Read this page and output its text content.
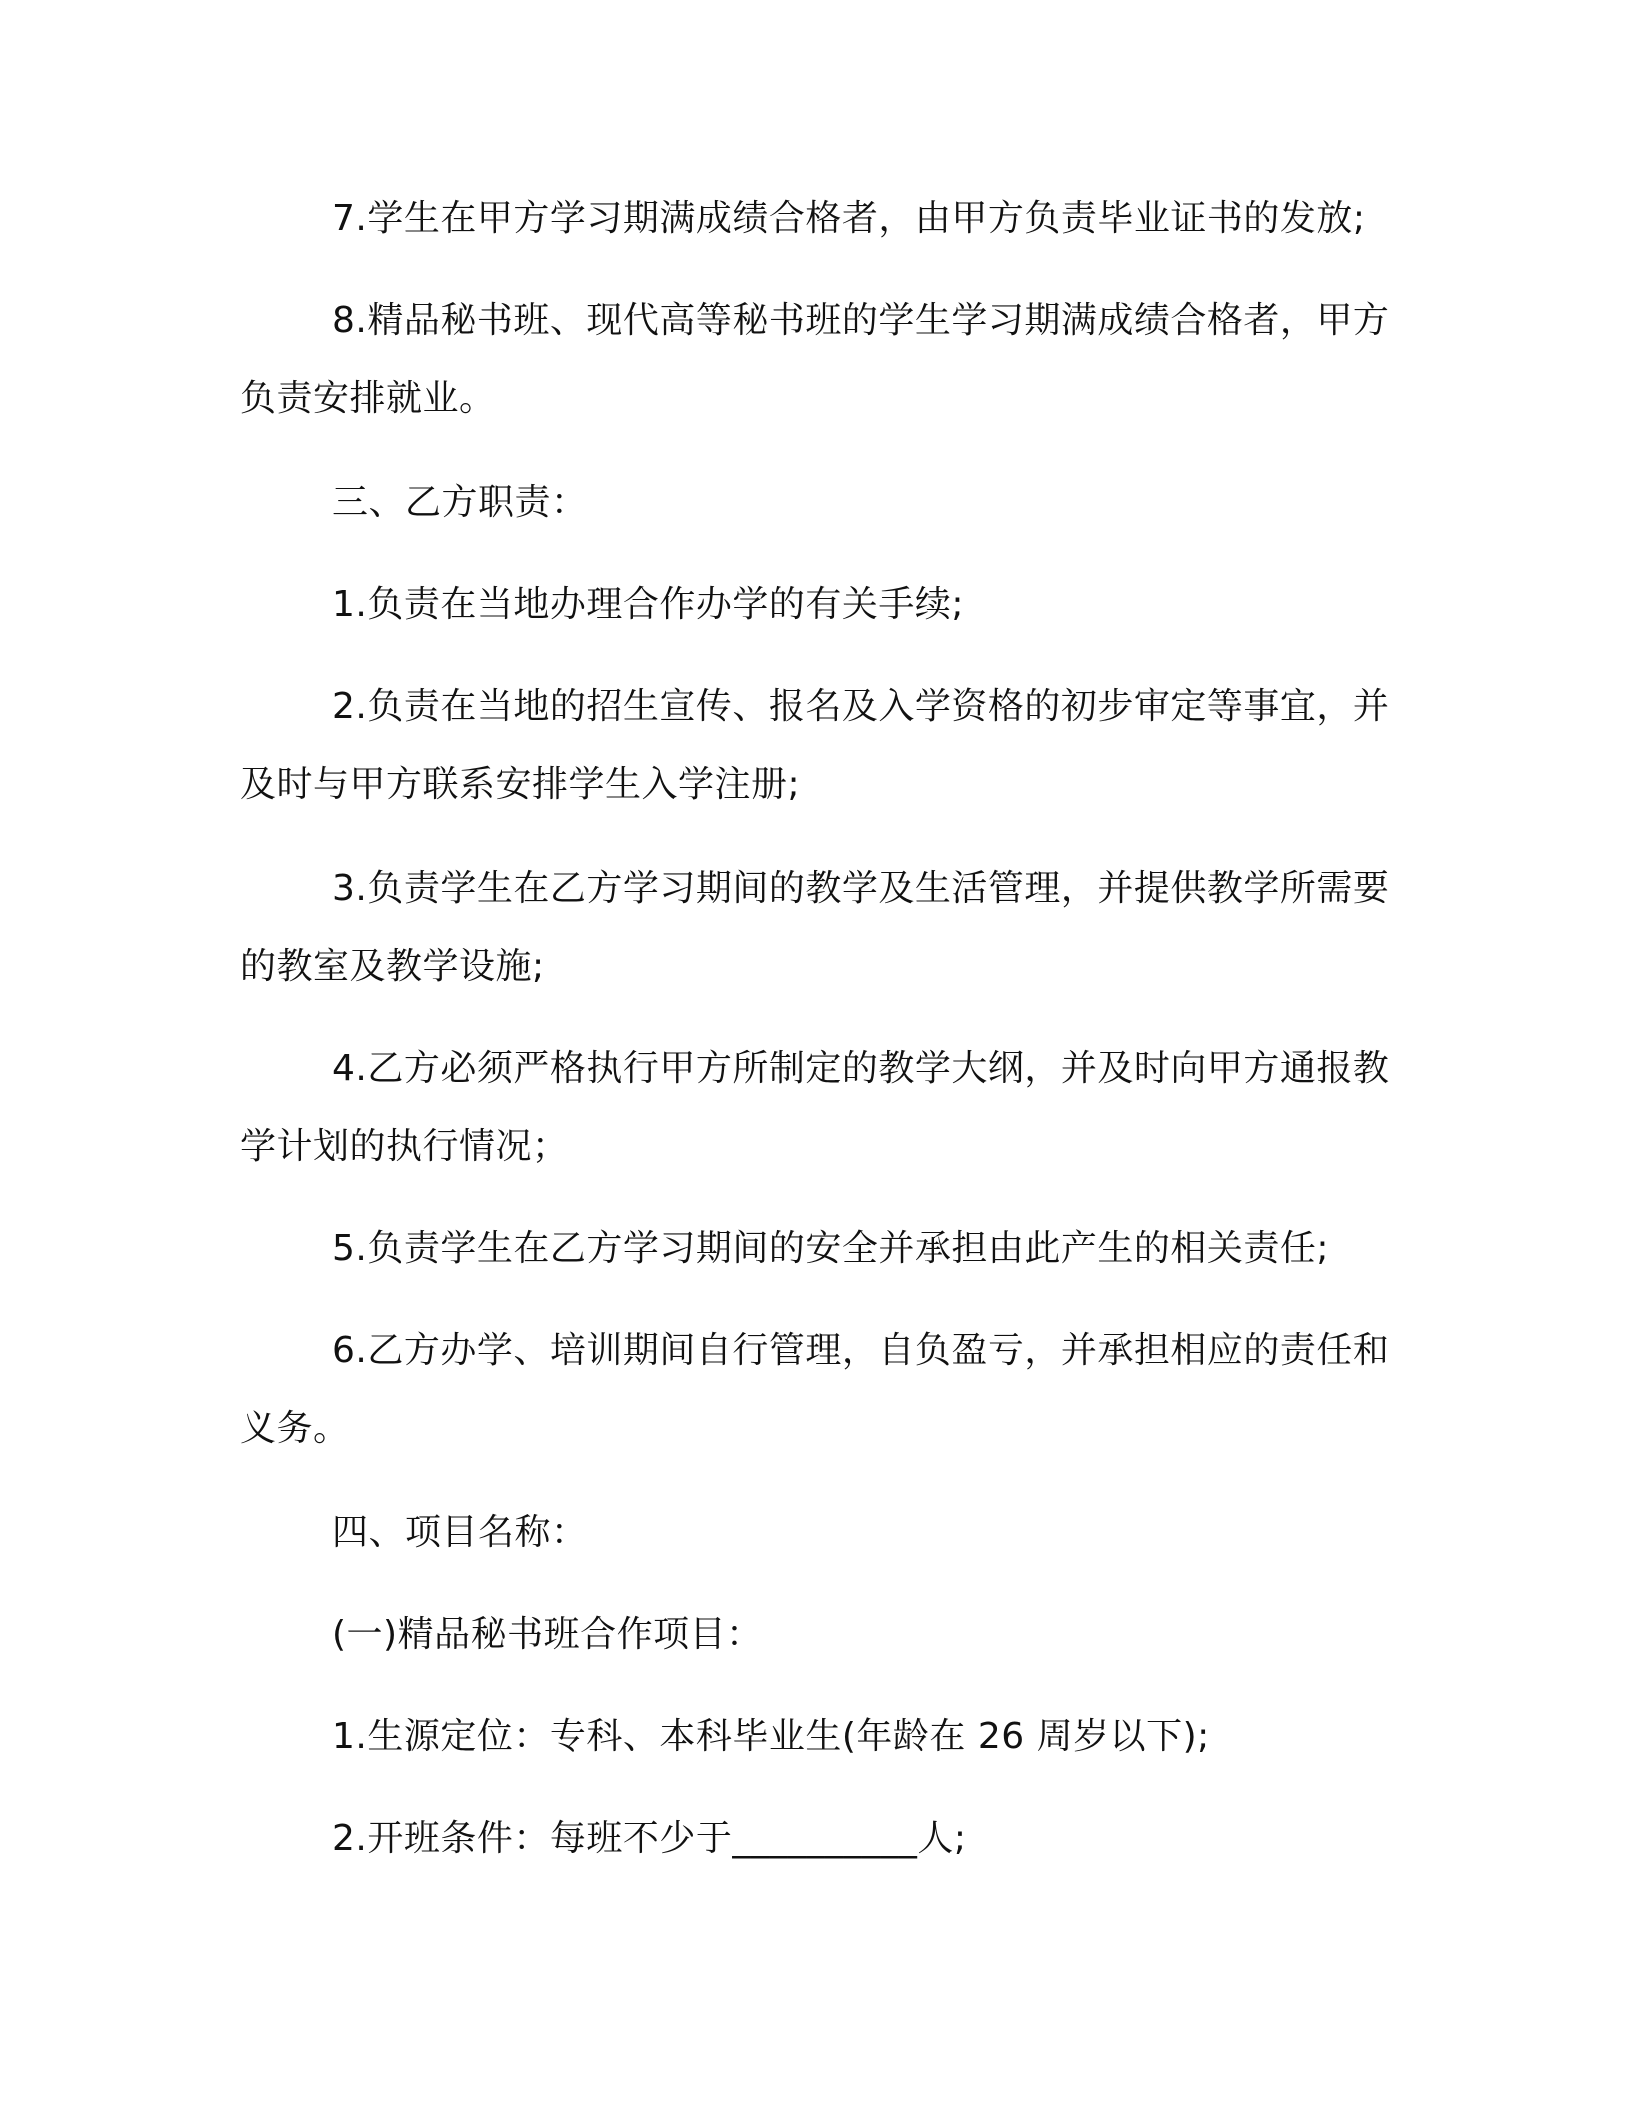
7.学生在甲方学习期满成绩合格者，由甲方负责毕业证书的发放;

8.精品秘书班、现代高等秘书班的学生学习期满成绩合格者，甲方负责安排就业。

三、乙方职责：

1.负责在当地办理合作办学的有关手续;

2.负责在当地的招生宣传、报名及入学资格的初步审定等事宜，并及时与甲方联系安排学生入学注册;

3.负责学生在乙方学习期间的教学及生活管理，并提供教学所需要的教室及教学设施;

4.乙方必须严格执行甲方所制定的教学大纲，并及时向甲方通报教学计划的执行情况；

5.负责学生在乙方学习期间的安全并承担由此产生的相关责任;

6.乙方办学、培训期间自行管理，自负盈亏，并承担相应的责任和义务。

四、项目名称：

(一)精品秘书班合作项目：

1.生源定位：专科、本科毕业生(年龄在 26 周岁以下);

2.开班条件：每班不少于__________人;
